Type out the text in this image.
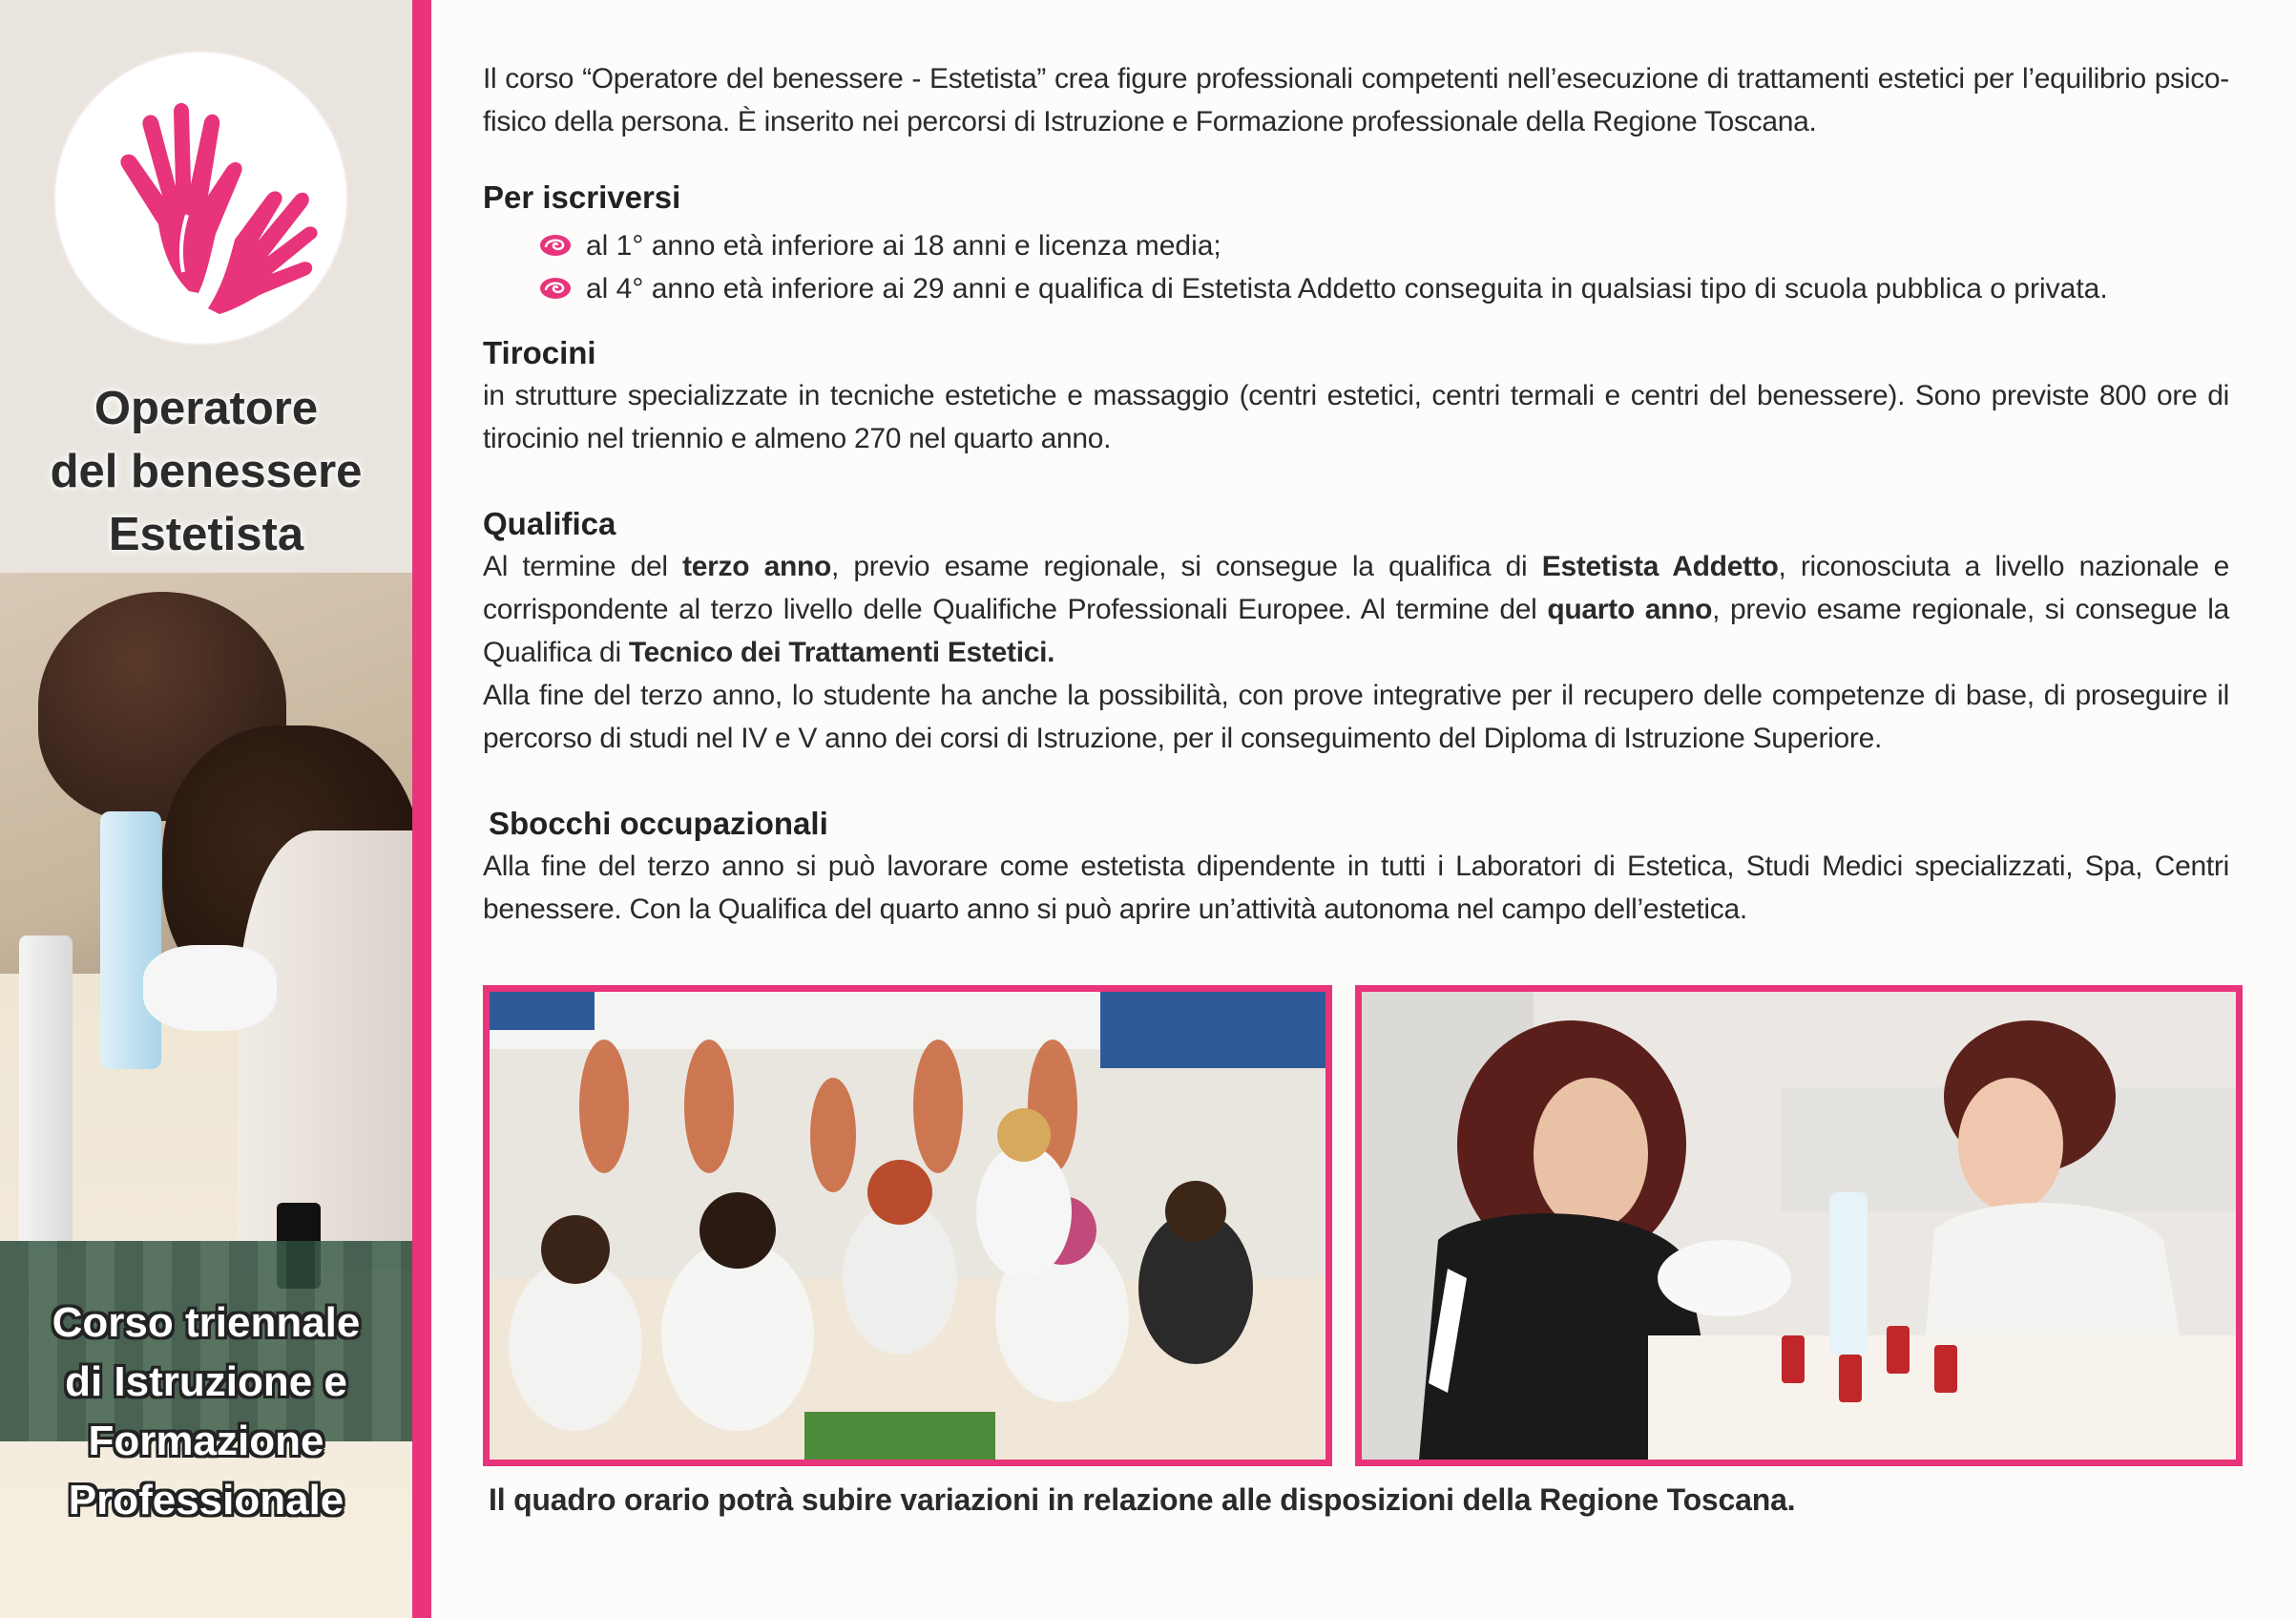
Operatore
del benessere
Estetista
Corso triennale
di Istruzione e
Formazione
Professionale

Il corso “Operatore del benessere - Estetista” crea figure professionali competenti nell’esecuzione di trattamenti estetici per l’equilibrio psico-fisico della persona. È inserito nei percorsi di Istruzione e Formazione professionale della Regione Toscana.

Per iscriversi

al 1° anno età inferiore ai 18 anni e licenza media;
al 4° anno età inferiore ai 29 anni e qualifica di Estetista Addetto conseguita in qualsiasi tipo di scuola pubblica o privata.

Tirocini

in strutture specializzate in tecniche estetiche e massaggio (centri estetici, centri termali e centri del benessere). Sono previste 800 ore di tirocinio nel triennio e almeno 270 nel quarto anno.

Qualifica

Al termine del terzo anno, previo esame regionale, si consegue la qualifica di Estetista Addetto, riconosciuta a livello nazionale e corrispondente al terzo livello delle Qualifiche Professionali Europee. Al termine del quarto anno, previo esame regionale, si consegue la Qualifica di Tecnico dei Trattamenti Estetici.

Alla fine del terzo anno, lo studente ha anche la possibilità, con prove integrative per il recupero delle competenze di base, di proseguire il percorso di studi nel IV e V anno dei corsi di Istruzione, per il conseguimento del Diploma di Istruzione Superiore.

Sbocchi occupazionali

Alla fine del terzo anno si può lavorare come estetista dipendente in tutti i Laboratori di Estetica, Studi Medici specializzati, Spa, Centri benessere. Con la Qualifica del quarto anno si può aprire un’attività autonoma nel campo dell’estetica.

Il quadro orario potrà subire variazioni in relazione alle disposizioni della Regione Toscana.
